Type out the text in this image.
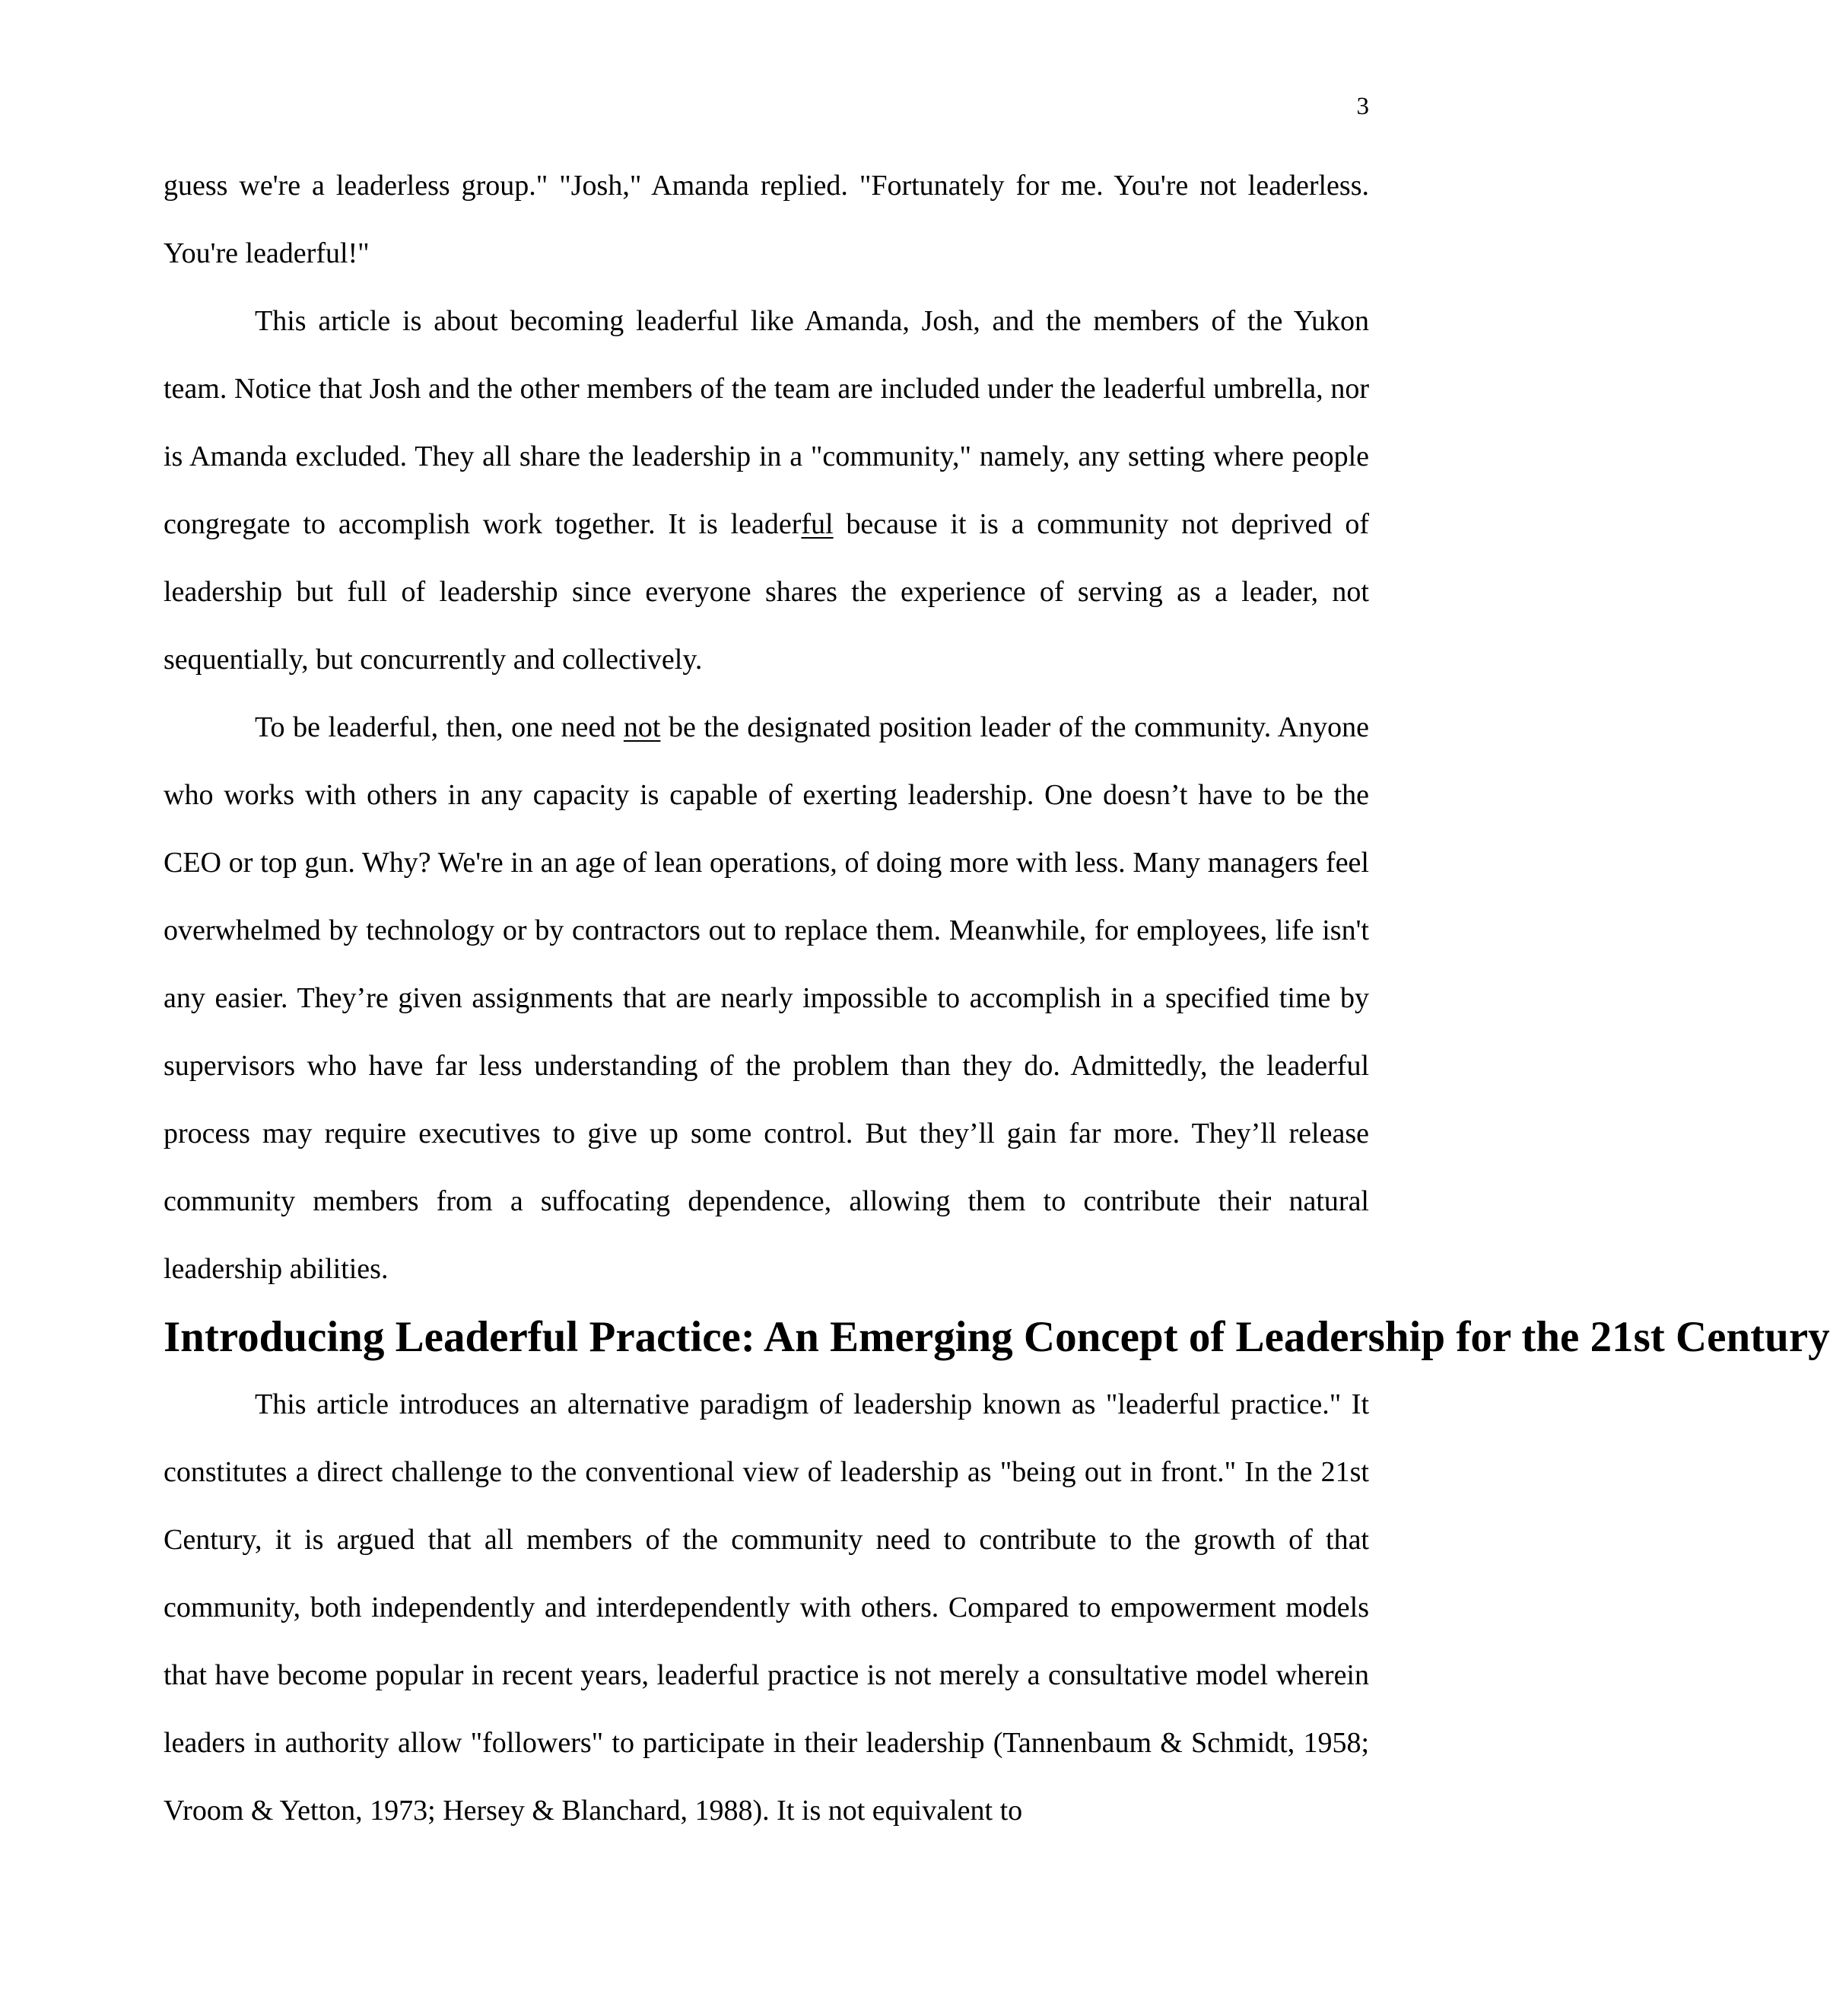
3

guess we're a leaderless group." "Josh," Amanda replied. "Fortunately for me. You're not leaderless. You're leaderful!"

This article is about becoming leaderful like Amanda, Josh, and the members of the Yukon team. Notice that Josh and the other members of the team are included under the leaderful umbrella, nor is Amanda excluded. They all share the leadership in a "community," namely, any setting where people congregate to accomplish work together. It is leaderful because it is a community not deprived of leadership but full of leadership since everyone shares the experience of serving as a leader, not sequentially, but concurrently and collectively.

To be leaderful, then, one need not be the designated position leader of the community. Anyone who works with others in any capacity is capable of exerting leadership. One doesn’t have to be the CEO or top gun. Why? We're in an age of lean operations, of doing more with less. Many managers feel overwhelmed by technology or by contractors out to replace them. Meanwhile, for employees, life isn't any easier. They’re given assignments that are nearly impossible to accomplish in a specified time by supervisors who have far less understanding of the problem than they do. Admittedly, the leaderful process may require executives to give up some control. But they’ll gain far more. They’ll release community members from a suffocating dependence, allowing them to contribute their natural leadership abilities.

Introducing Leaderful Practice: An Emerging Concept of Leadership for the 21st Century

This article introduces an alternative paradigm of leadership known as "leaderful practice." It constitutes a direct challenge to the conventional view of leadership as "being out in front." In the 21st Century, it is argued that all members of the community need to contribute to the growth of that community, both independently and interdependently with others. Compared to empowerment models that have become popular in recent years, leaderful practice is not merely a consultative model wherein leaders in authority allow "followers" to participate in their leadership (Tannenbaum & Schmidt, 1958; Vroom & Yetton, 1973; Hersey & Blanchard, 1988). It is not equivalent to
